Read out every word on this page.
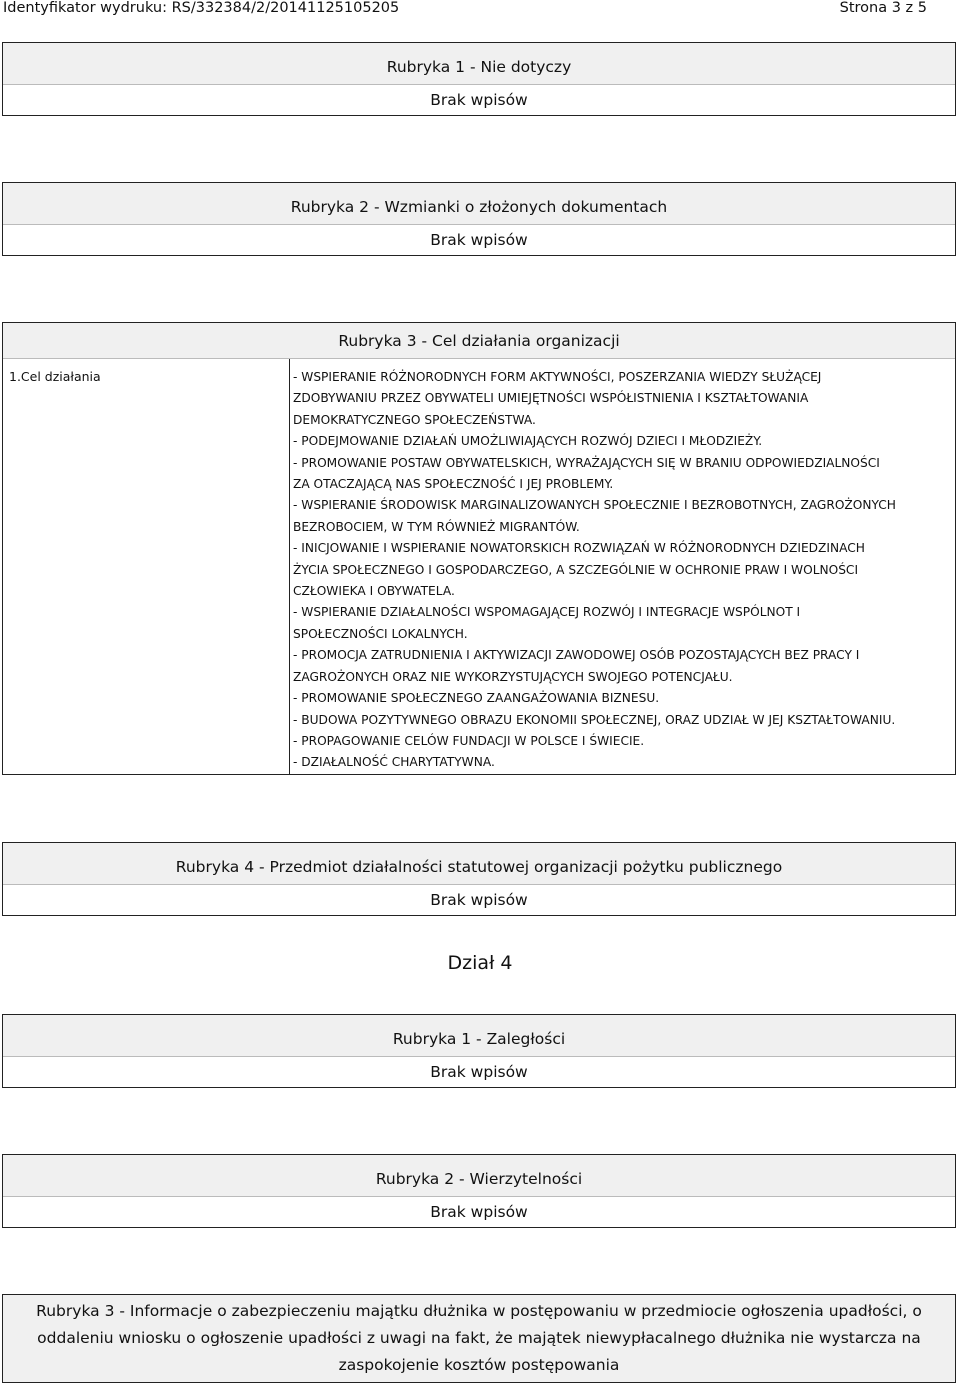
Identyfikator wydruku: RS/332384/2/20141125105205	Strona 3 z 5
Rubryka 1 - Nie dotyczy
Brak wpisów
Rubryka 2 - Wzmianki o złożonych dokumentach
Brak wpisów
Rubryka 3 - Cel działania organizacji
1.Cel działania	- WSPIERANIE RÓŻNORODNYCH FORM AKTYWNOŚCI, POSZERZANIA WIEDZY SŁUŻĄCEJ
ZDOBYWANIU PRZEZ OBYWATELI UMIEJĘTNOŚCI WSPÓŁISTNIENIA I KSZTAŁTOWANIA
DEMOKRATYCZNEGO SPOŁECZEŃSTWA.
- PODEJMOWANIE DZIAŁAŃ UMOŻLIWIAJĄCYCH ROZWÓJ DZIECI I MŁODZIEŻY.
- PROMOWANIE POSTAW OBYWATELSKICH, WYRAŻAJĄCYCH SIĘ W BRANIU ODPOWIEDZIALNOŚCI
ZA OTACZAJĄCĄ NAS SPOŁECZNOŚĆ I JEJ PROBLEMY.
- WSPIERANIE ŚRODOWISK MARGINALIZOWANYCH SPOŁECZNIE I BEZROBOTNYCH, ZAGROŻONYCH
BEZROBOCIEM, W TYM RÓWNIEŻ MIGRANTÓW.
- INICJOWANIE I WSPIERANIE NOWATORSKICH ROZWIĄZAŃ W RÓŻNORODNYCH DZIEDZINACH
ŻYCIA SPOŁECZNEGO I GOSPODARCZEGO, A SZCZEGÓLNIE W OCHRONIE PRAW I WOLNOŚCI
CZŁOWIEKA I OBYWATELA.
- WSPIERANIE DZIAŁALNOŚCI WSPOMAGAJĄCEJ ROZWÓJ I INTEGRACJE WSPÓLNOT I
SPOŁECZNOŚCI LOKALNYCH.
- PROMOCJA ZATRUDNIENIA I AKTYWIZACJI ZAWODOWEJ OSÓB POZOSTAJĄCYCH BEZ PRACY I
ZAGROŻONYCH ORAZ NIE WYKORZYSTUJĄCYCH SWOJEGO POTENCJAŁU.
- PROMOWANIE SPOŁECZNEGO ZAANGAŻOWANIA BIZNESU.
- BUDOWA POZYTYWNEGO OBRAZU EKONOMII SPOŁECZNEJ, ORAZ UDZIAŁ W JEJ KSZTAŁTOWANIU.
- PROPAGOWANIE CELÓW FUNDACJI W POLSCE I ŚWIECIE.
- DZIAŁALNOŚĆ CHARYTATYWNA.
Rubryka 4 - Przedmiot działalności statutowej organizacji pożytku publicznego
Brak wpisów
Dział 4
Rubryka 1 - Zaległości
Brak wpisów
Rubryka 2 - Wierzytelności
Brak wpisów
Rubryka 3 - Informacje o zabezpieczeniu majątku dłużnika w postępowaniu w przedmiocie ogłoszenia upadłości, o oddaleniu wniosku o ogłoszenie upadłości z uwagi na fakt, że majątek niewypłacalnego dłużnika nie wystarcza na zaspokojenie kosztów postępowania
